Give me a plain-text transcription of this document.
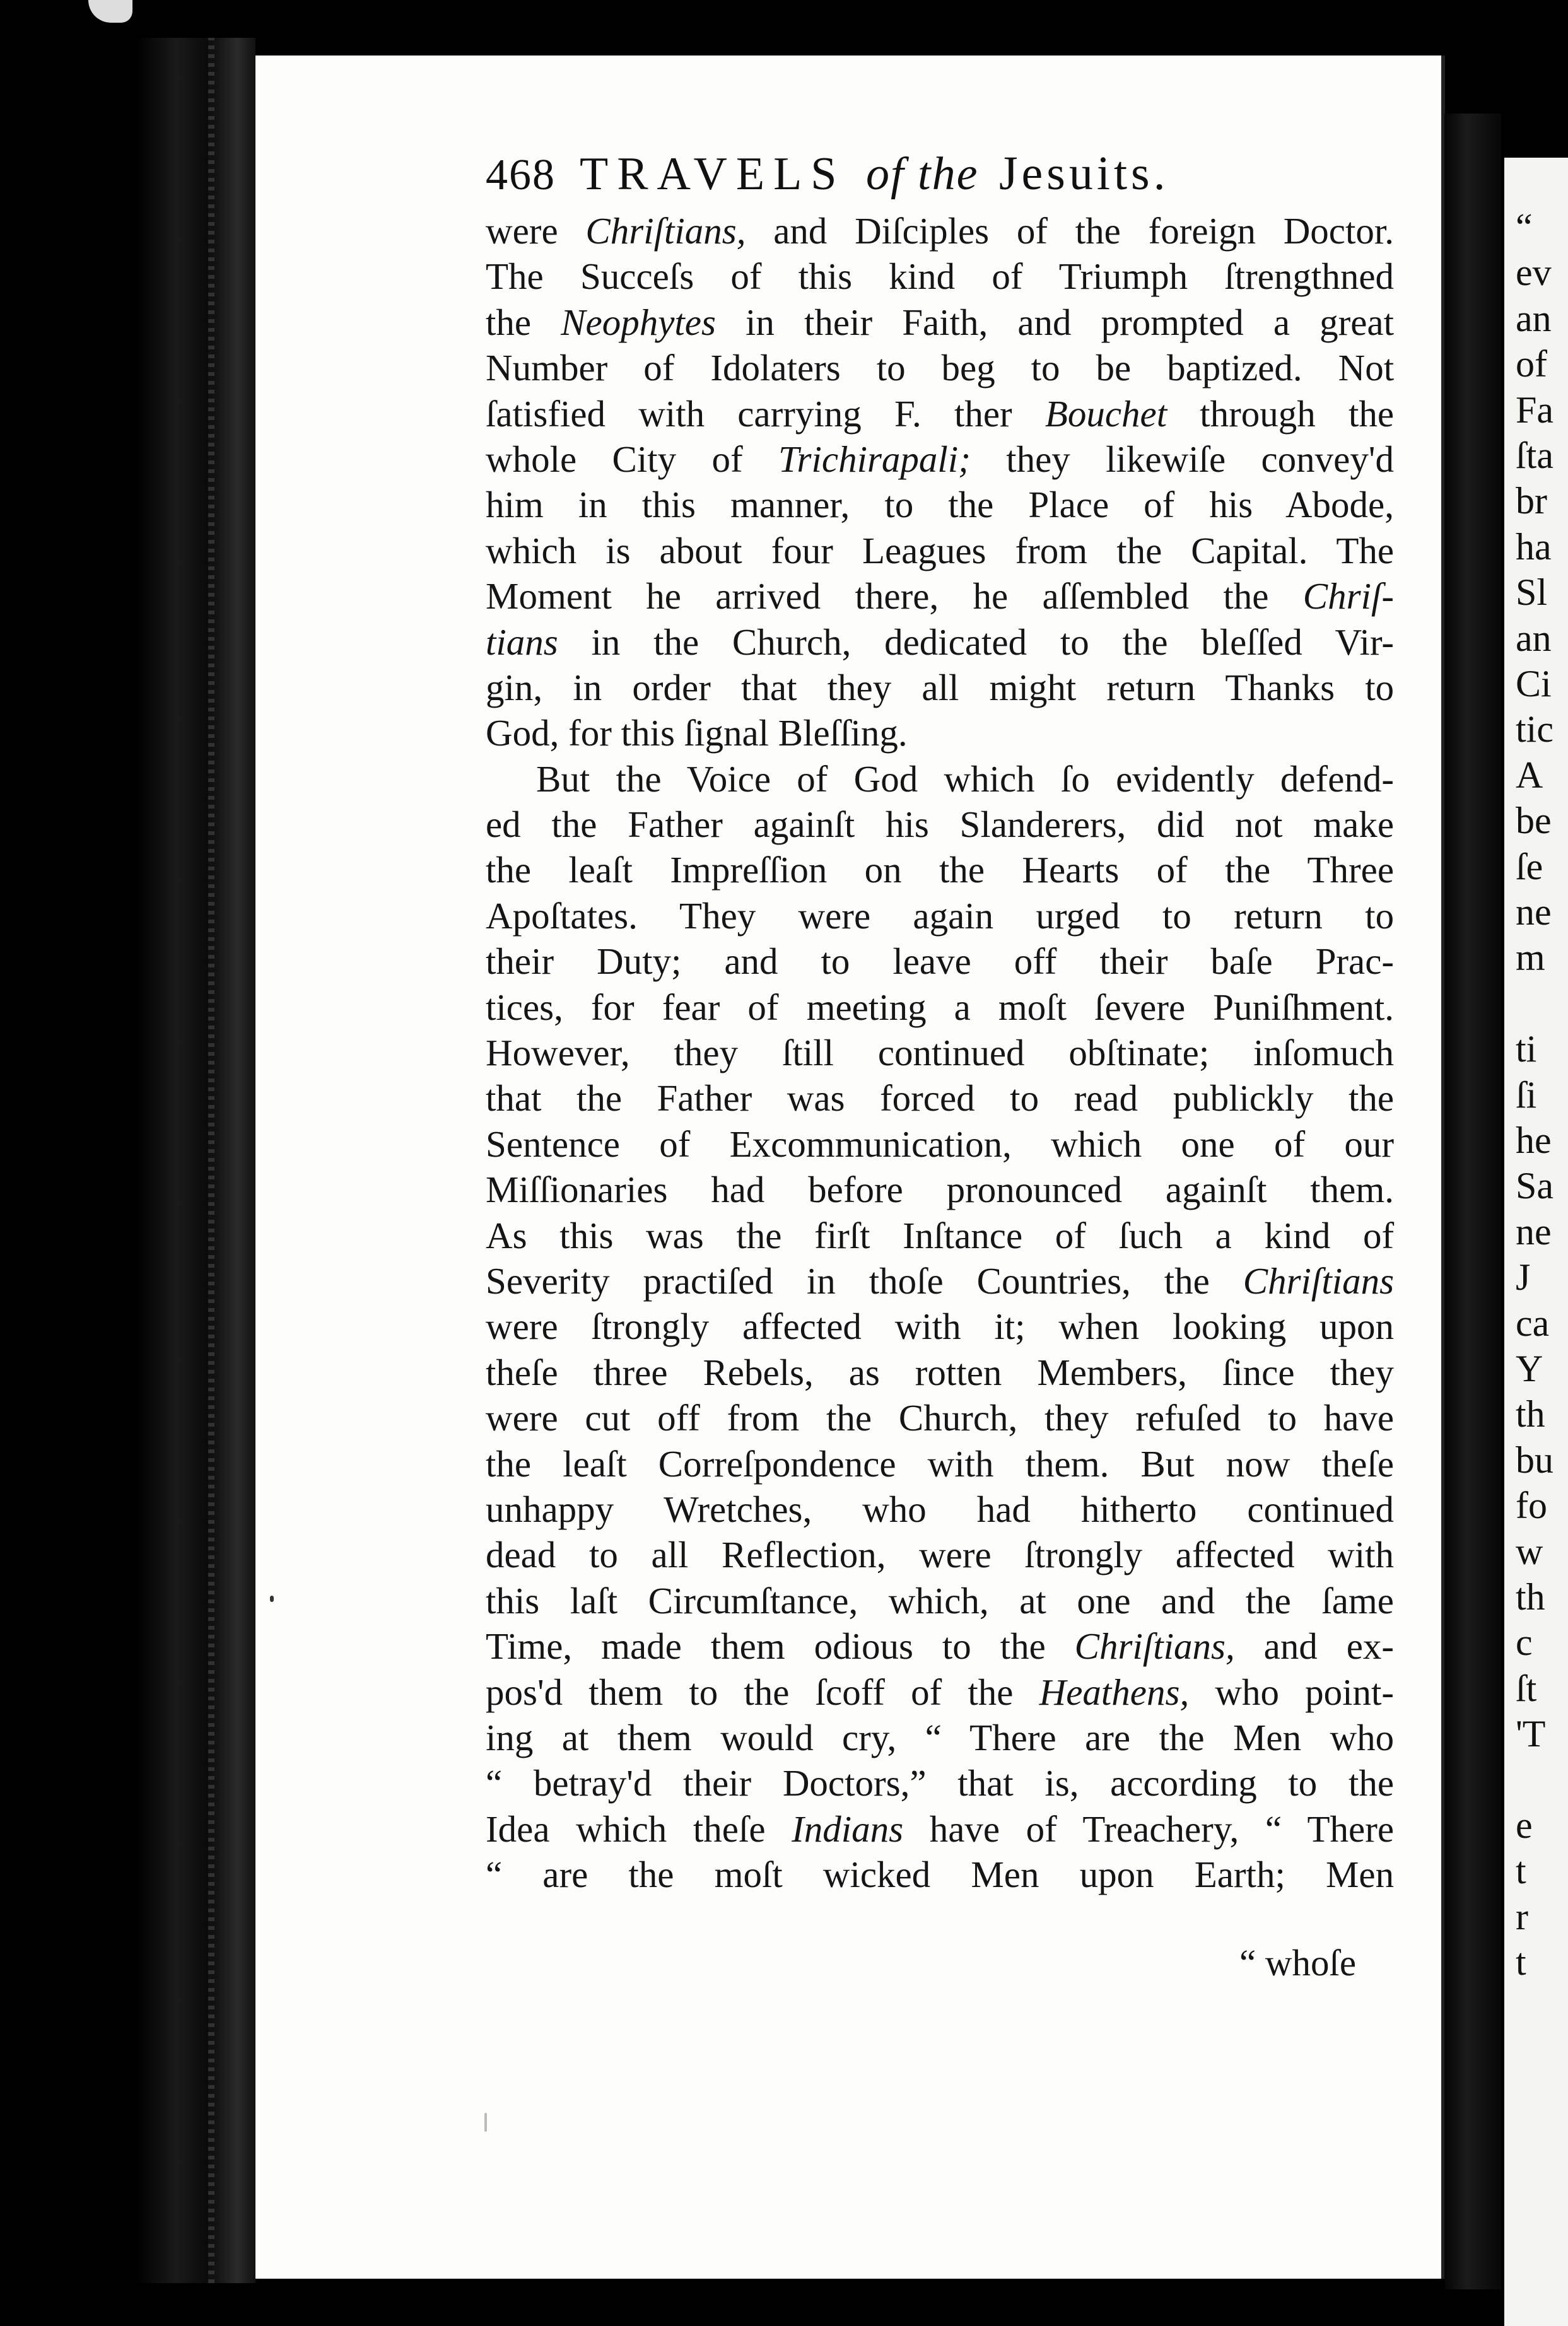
“
ev
an
of
Fa
ſta
br
ha
Sl
an
Ci
tic
A
be
ſe
ne
m
ti
ſi
he
Sa
ne
J
ca
Y
th
bu
fo
w
th
c
ſt
'T
e
t
r
t
468 TRAVELS of the Jesuits.
were Chriſtians, and Diſciples of the foreign Doctor.
The Succeſs of this kind of Triumph ſtrengthned
the Neophytes in their Faith, and prompted a great
Number of Idolaters to beg to be baptized. Not
ſatisfied with carrying F. ther Bouchet through the
whole City of Trichirapali; they likewiſe convey'd
him in this manner, to the Place of his Abode,
which is about four Leagues from the Capital. The
Moment he arrived there, he aſſembled the Chriſ-
tians in the Church, dedicated to the bleſſed Vir-
gin, in order that they all might return Thanks to
God, for this ſignal Bleſſing.
But the Voice of God which ſo evidently defend-
ed the Father againſt his Slanderers, did not make
the leaſt Impreſſion on the Hearts of the Three
Apoſtates. They were again urged to return to
their Duty; and to leave off their baſe Prac-
tices, for fear of meeting a moſt ſevere Puniſhment.
However, they ſtill continued obſtinate; inſomuch
that the Father was forced to read publickly the
Sentence of Excommunication, which one of our
Miſſionaries had before pronounced againſt them.
As this was the firſt Inſtance of ſuch a kind of
Severity practiſed in thoſe Countries, the Chriſtians
were ſtrongly affected with it; when looking upon
theſe three Rebels, as rotten Members, ſince they
were cut off from the Church, they refuſed to have
the leaſt Correſpondence with them. But now theſe
unhappy Wretches, who had hitherto continued
dead to all Reflection, were ſtrongly affected with
this laſt Circumſtance, which, at one and the ſame
Time, made them odious to the Chriſtians, and ex-
pos'd them to the ſcoff of the Heathens, who point-
ing at them would cry, “ There are the Men who
“ betray'd their Doctors,” that is, according to the
Idea which theſe Indians have of Treachery, “ There
“ are the moſt wicked Men upon Earth; Men
“ whoſe
